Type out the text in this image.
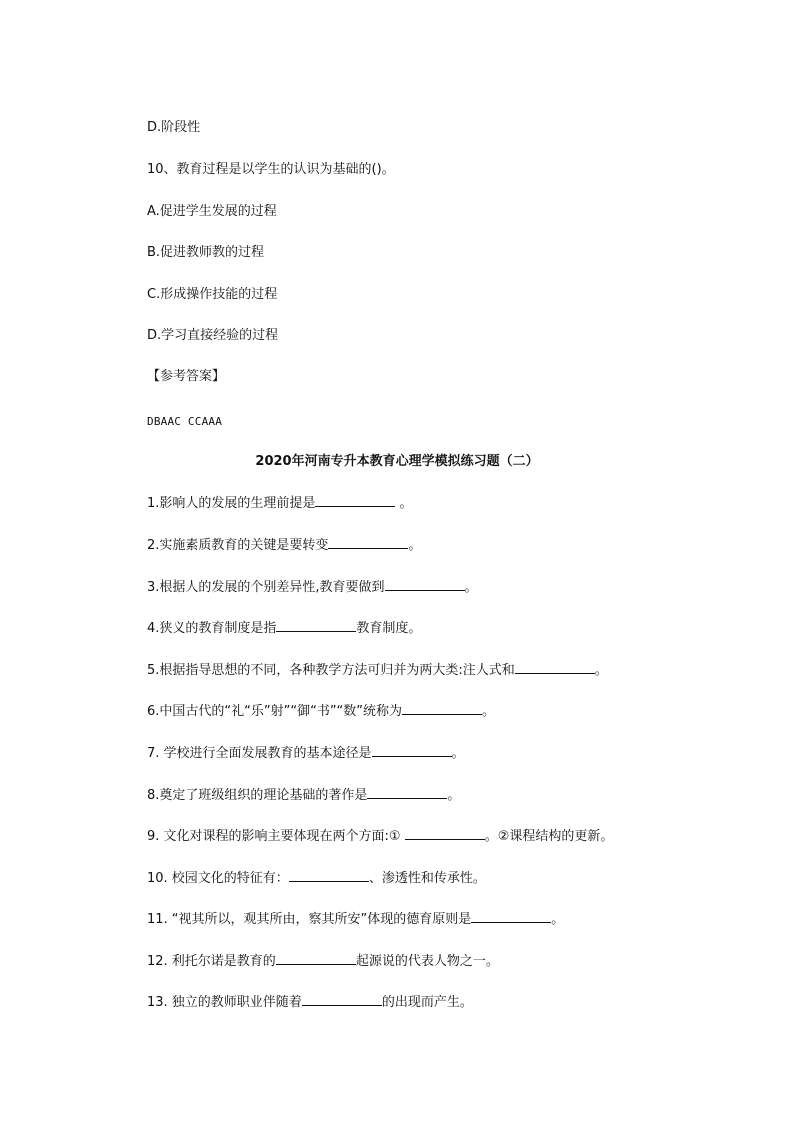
D.阶段性
10、教育过程是以学生的认识为基础的()。
A.促进学生发展的过程
B.促进教师教的过程
C.形成操作技能的过程
D.学习直接经验的过程
【参考答案】
DBAAC CCAAA
2020年河南专升本教育心理学模拟练习题（二）
1.影响人的发展的生理前提是	。
2.实施素质教育的关键是要转变	。
3.根据人的发展的个别差异性,教育要做到	。
4.狭义的教育制度是指	教育制度。
5.根据指导思想的不同，各种教学方法可归并为两大类:注人式和	。
6.中国古代的“礼“乐”射”“御“书”“数”统称为	。
7. 学校进行全面发展教育的基本途径是	。
8.奠定了班级组织的理论基础的著作是	。
9. 文化对课程的影响主要体现在两个方面:①	。②课程结构的更新。
10. 校园文化的特征有：	、渗透性和传承性。
11. “视其所以，观其所由，察其所安”体现的德育原则是	。
12. 利托尔诺是教育的	起源说的代表人物之一。
13. 独立的教师职业伴随着	的出现而产生。
